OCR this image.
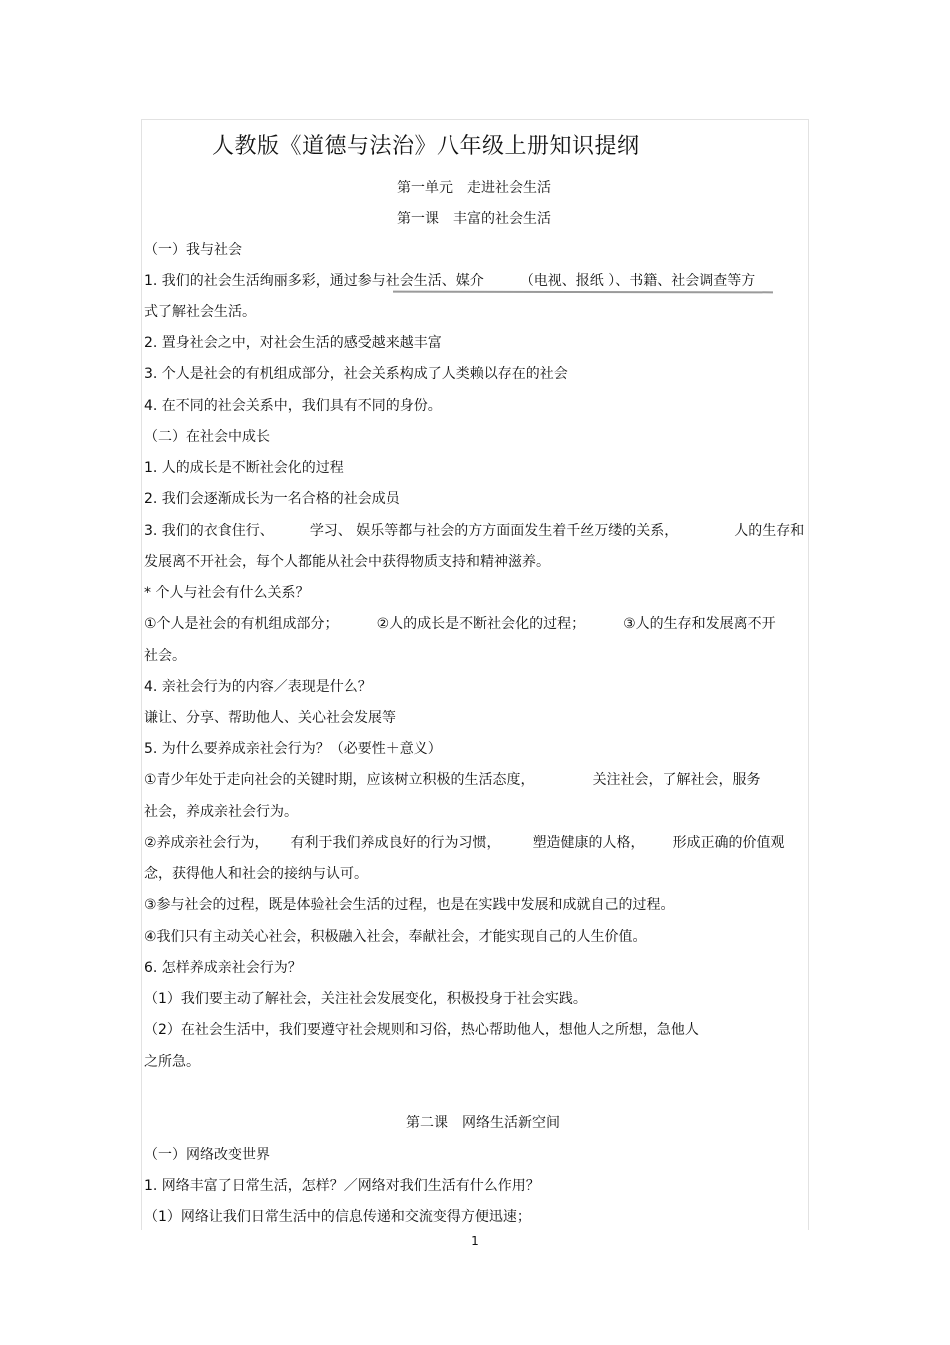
人教版《道德与法治》八年级上册知识提纲
第一单元　走进社会生活
第一课　丰富的社会生活
（一）我与社会
1. 我们的社会生活绚丽多彩，通过参与社会生活、媒介	（电视、报纸 ）、书籍、社会调查等方
式了解社会生活。
2. 置身社会之中，对社会生活的感受越来越丰富
3. 个人是社会的有机组成部分，社会关系构成了人类赖以存在的社会
4. 在不同的社会关系中，我们具有不同的身份。
（二）在社会中成长
1. 人的成长是不断社会化的过程
2. 我们会逐渐成长为一名合格的社会成员
3. 我们的衣食住行、	学习、 娱乐等都与社会的方方面面发生着千丝万缕的关系，	人的生存和
发展离不开社会，每个人都能从社会中获得物质支持和精神滋养。
* 个人与社会有什么关系？
①个人是社会的有机组成部分；	②人的成长是不断社会化的过程；	③人的生存和发展离不开
社会。
4. 亲社会行为的内容／表现是什么？
谦让、分享、帮助他人、关心社会发展等
5. 为什么要养成亲社会行为？（必要性＋意义）
①青少年处于走向社会的关键时期，应该树立积极的生活态度，	关注社会，了解社会，服务
社会，养成亲社会行为。
②养成亲社会行为， 有利于我们养成良好的行为习惯， 塑造健康的人格， 形成正确的价值观
念，获得他人和社会的接纳与认可。
③参与社会的过程，既是体验社会生活的过程，也是在实践中发展和成就自己的过程。
④我们只有主动关心社会，积极融入社会，奉献社会，才能实现自己的人生价值。
6. 怎样养成亲社会行为？
（1）我们要主动了解社会，关注社会发展变化，积极投身于社会实践。
（2）在社会生活中，我们要遵守社会规则和习俗，热心帮助他人，想他人之所想，急他人
之所急。
第二课　网络生活新空间
（一）网络改变世界
1. 网络丰富了日常生活，怎样？／网络对我们生活有什么作用？
（1）网络让我们日常生活中的信息传递和交流变得方便迅速；
1
